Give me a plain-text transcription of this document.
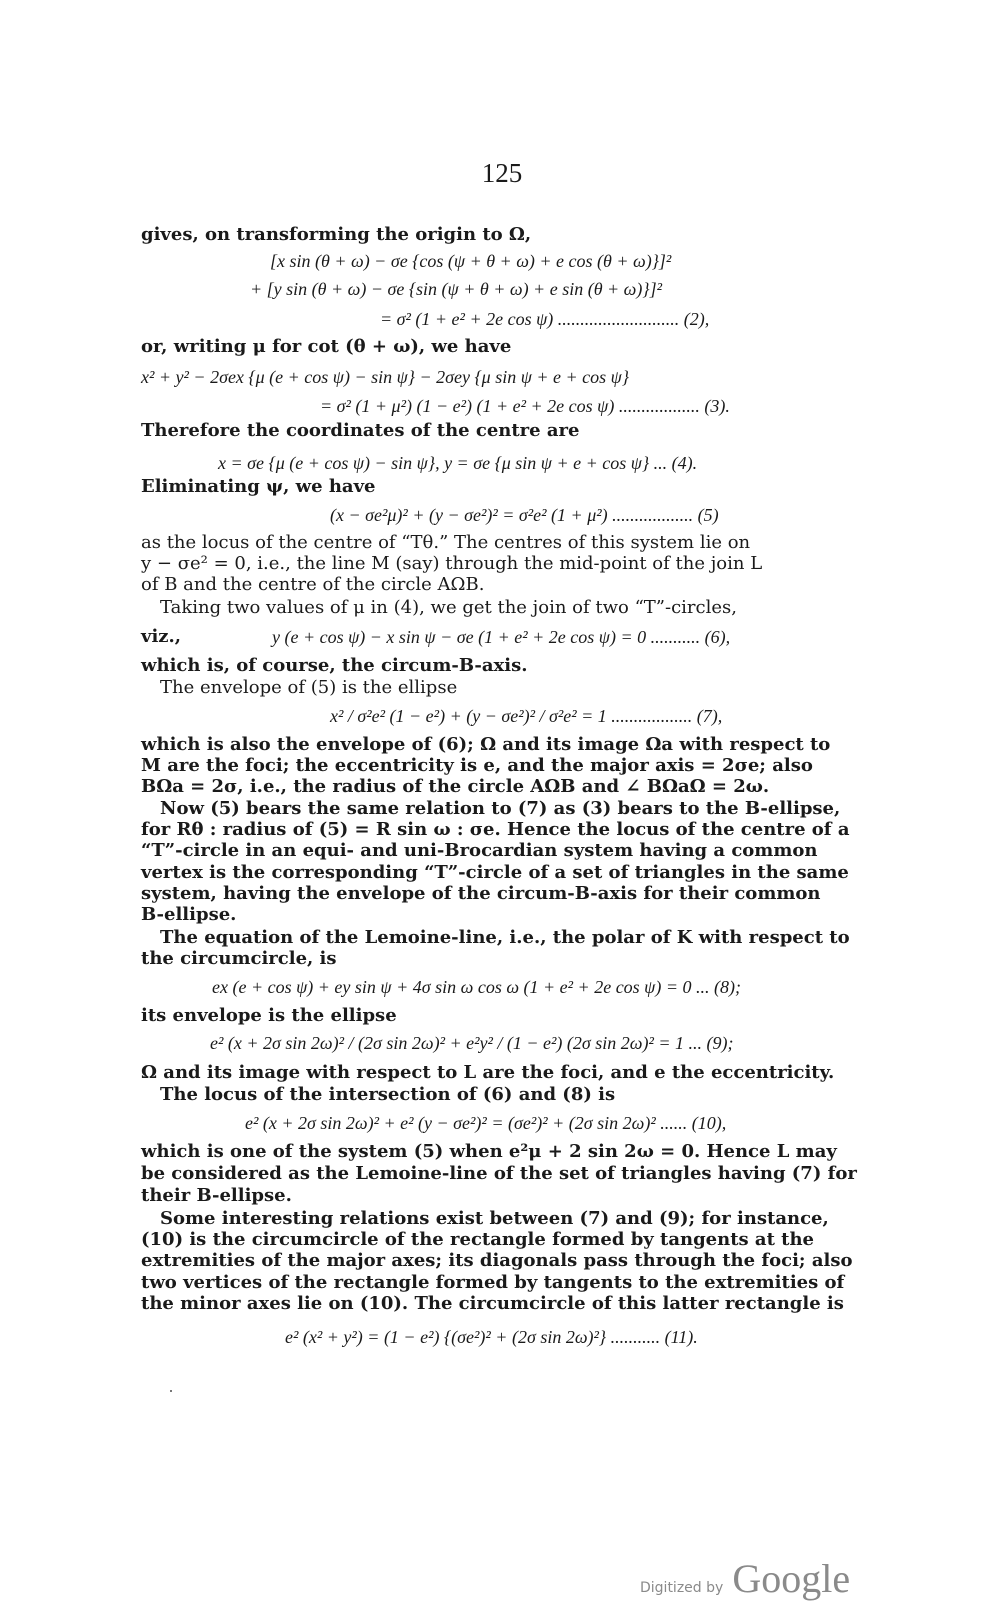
125
gives, on transforming the origin to Ω,
[x sin (θ + ω) − σe {cos (ψ + θ + ω) + e cos (θ + ω)}]²
+ [y sin (θ + ω) − σe {sin (ψ + θ + ω) + e sin (θ + ω)}]²
= σ² (1 + e² + 2e cos ψ) ........................... (2),
or, writing μ for cot (θ + ω), we have
x² + y² − 2σex {μ (e + cos ψ) − sin ψ} − 2σey {μ sin ψ + e + cos ψ}
= σ² (1 + μ²) (1 − e²) (1 + e² + 2e cos ψ) .................. (3).
Therefore the coordinates of the centre are
x = σe {μ (e + cos ψ) − sin ψ}, y = σe {μ sin ψ + e + cos ψ} ... (4).
Eliminating ψ, we have
(x − σe²μ)² + (y − σe²)² = σ²e² (1 + μ²) .................. (5)
as the locus of the centre of “Tθ.” The centres of this system lie on
y − σe² = 0, i.e., the line M (say) through the mid-point of the join L
of B and the centre of the circle AΩB.
Taking two values of μ in (4), we get the join of two “T”-circles,
viz.,	y (e + cos ψ) − x sin ψ − σe (1 + e² + 2e cos ψ) = 0 ........... (6),
which is, of course, the circum-B-axis.
The envelope of (5) is the ellipse
x² / σ²e² (1 − e²) + (y − σe²)² / σ²e² = 1 .................. (7),
which is also the envelope of (6); Ω and its image Ωa with respect to
M are the foci; the eccentricity is e, and the major axis = 2σe; also
BΩa = 2σ, i.e., the radius of the circle AΩB and ∠ BΩaΩ = 2ω.
Now (5) bears the same relation to (7) as (3) bears to the B-ellipse,
for Rθ : radius of (5) = R sin ω : σe. Hence the locus of the centre of a
“T”-circle in an equi- and uni-Brocardian system having a common
vertex is the corresponding “T”-circle of a set of triangles in the same
system, having the envelope of the circum-B-axis for their common
B-ellipse.
The equation of the Lemoine-line, i.e., the polar of K with respect to
the circumcircle, is
ex (e + cos ψ) + ey sin ψ + 4σ sin ω cos ω (1 + e² + 2e cos ψ) = 0 ... (8);
its envelope is the ellipse
e² (x + 2σ sin 2ω)² / (2σ sin 2ω)² + e²y² / (1 − e²) (2σ sin 2ω)² = 1 ... (9);
Ω and its image with respect to L are the foci, and e the eccentricity.
The locus of the intersection of (6) and (8) is
e² (x + 2σ sin 2ω)² + e² (y − σe²)² = (σe²)² + (2σ sin 2ω)² ...... (10),
which is one of the system (5) when e²μ + 2 sin 2ω = 0. Hence L may
be considered as the Lemoine-line of the set of triangles having (7) for
their B-ellipse.
Some interesting relations exist between (7) and (9); for instance,
(10) is the circumcircle of the rectangle formed by tangents at the
extremities of the major axes; its diagonals pass through the foci; also
two vertices of the rectangle formed by tangents to the extremities of
the minor axes lie on (10). The circumcircle of this latter rectangle is
e² (x² + y²) = (1 − e²) {(σe²)² + (2σ sin 2ω)²} ........... (11).
Digitized by Google
